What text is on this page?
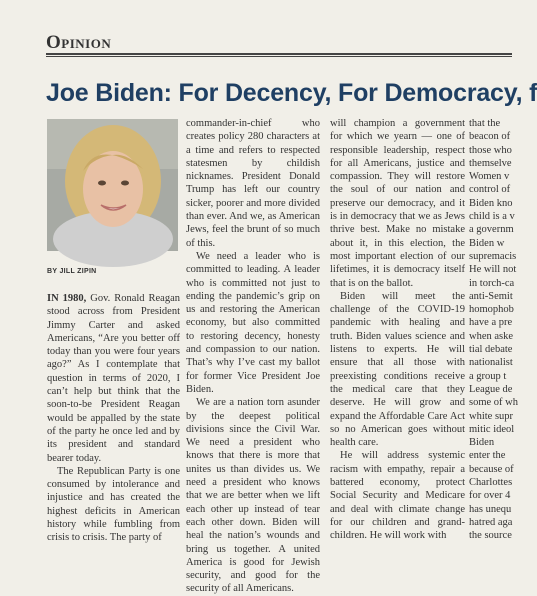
Opinion
Joe Biden: For Decency, For Democracy, f
BY JILL ZIPIN

IN 1980, Gov. Ronald Reagan stood across from President Jimmy Carter and asked Americans, “Are you better off today than you were four years ago?” As I contemplate that question in terms of 2020, I can’t help but think that the soon-to-be President Reagan would be appalled by the state of the party he once led and by its president and standard bearer today.

The Republican Party is one consumed by intolerance and injustice and has created the highest deficits in American history while fumbling from crisis to crisis. The party of

commander-in-chief who creates policy 280 characters at a time and refers to respected statesmen by childish nicknames. President Donald Trump has left our country sicker, poorer and more divided than ever. And we, as American Jews, feel the brunt of so much of this.

We need a leader who is committed to leading. A leader who is committed not just to ending the pandemic’s grip on us and restoring the American economy, but also committed to restoring decency, honesty and compassion to our nation. That’s why I’ve cast my ballot for former Vice President Joe Biden.

We are a nation torn asunder by the deepest political divisions since the Civil War. We need a president who knows that there is more that unites us than divides us. We need a president who knows that we are better when we lift each other up instead of tear each other down. Biden will heal the nation’s wounds and bring us together. A united America is good for Jewish security, and good for the security of all Americans.

will champion a government for which we yearn — one of responsible leadership, respect for all Americans, justice and compassion. They will restore the soul of our nation and preserve our democracy, and it is in democracy that we as Jews thrive best. Make no mistake about it, in this election, the most important election of our lifetimes, it is democracy itself that is on the ballot.

Biden will meet the challenge of the COVID-19 pandemic with healing and truth. Biden values science and listens to experts. He will ensure that all those with preexisting conditions receive the medical care that they deserve. He will grow and expand the Affordable Care Act so no American goes without health care.

He will address systemic racism with empathy, repair a battered economy, protect Social Security and Medicare and deal with climate change for our children and grand-children. He will work with

that the

beacon of

those who

themselve

Women v

control of

Biden kno

child is a v

a governm

Biden w

supremacis

He will not

in torch-ca

anti-Semit

homophob

have a pre

when aske

tial debate

nationalist

a group t

League de

some of wh

white supr

mitic ideol

Biden

enter the

because of

Charlottes

for over 4

has unequ

hatred aga

the source
